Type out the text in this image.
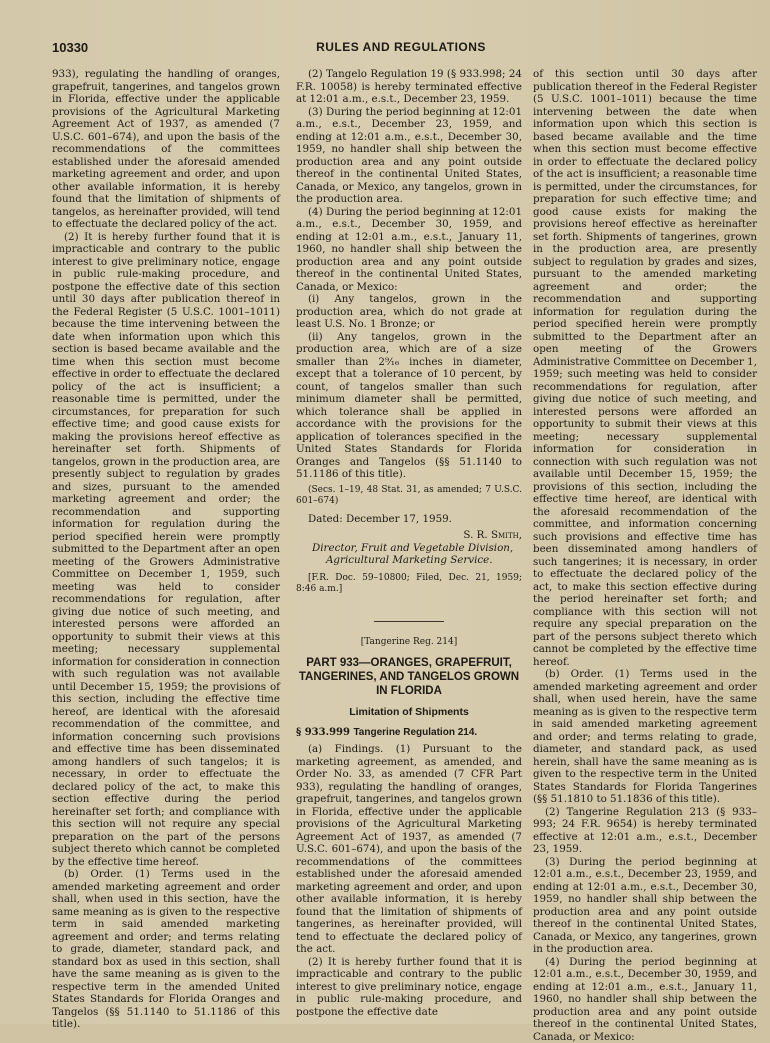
10330	RULES AND REGULATIONS

933), regulating the handling of oranges, grapefruit, tangerines, and tangelos grown in Florida, effective under the applicable provisions of the Agricultural Marketing Agreement Act of 1937, as amended (7 U.S.C. 601–674), and upon the basis of the recommendations of the committees established under the aforesaid amended marketing agreement and order, and upon other available information, it is hereby found that the limitation of shipments of tangelos, as hereinafter provided, will tend to effectuate the declared policy of the act.

(2) It is hereby further found that it is impracticable and contrary to the public interest to give preliminary notice, engage in public rule-making procedure, and postpone the effective date of this section until 30 days after publication thereof in the Federal Register (5 U.S.C. 1001–1011) because the time intervening between the date when information upon which this section is based became available and the time when this section must become effective in order to effectuate the declared policy of the act is insufficient; a reasonable time is permitted, under the circumstances, for preparation for such effective time; and good cause exists for making the provisions hereof effective as hereinafter set forth. Shipments of tangelos, grown in the production area, are presently subject to regulation by grades and sizes, pursuant to the amended marketing agreement and order; the recommendation and supporting information for regulation during the period specified herein were promptly submitted to the Department after an open meeting of the Growers Administrative Committee on December 1, 1959, such meeting was held to consider recommendations for regulation, after giving due notice of such meeting, and interested persons were afforded an opportunity to submit their views at this meeting; necessary supplemental information for consideration in connection with such regulation was not available until December 15, 1959; the provisions of this section, including the effective time hereof, are identical with the aforesaid recommendation of the committee, and information concerning such provisions and effective time has been disseminated among handlers of such tangelos; it is necessary, in order to effectuate the declared policy of the act, to make this section effective during the period hereinafter set forth; and compliance with this section will not require any special preparation on the part of the persons subject thereto which cannot be completed by the effective time hereof.

(b) Order. (1) Terms used in the amended marketing agreement and order shall, when used in this section, have the same meaning as is given to the respective term in said amended marketing agreement and order; and terms relating to grade, diameter, standard pack, and standard box as used in this section, shall have the same meaning as is given to the respective term in the amended United States Standards for Florida Oranges and Tangelos (§§ 51.1140 to 51.1186 of this title).

(2) Tangelo Regulation 19 (§ 933.998; 24 F.R. 10058) is hereby terminated effective at 12:01 a.m., e.s.t., December 23, 1959.

(3) During the period beginning at 12:01 a.m., e.s.t., December 23, 1959, and ending at 12:01 a.m., e.s.t., December 30, 1959, no handler shall ship between the production area and any point outside thereof in the continental United States, Canada, or Mexico, any tangelos, grown in the production area.

(4) During the period beginning at 12:01 a.m., e.s.t., December 30, 1959, and ending at 12:01 a.m., e.s.t., January 11, 1960, no handler shall ship between the production area and any point outside thereof in the continental United States, Canada, or Mexico:

(i) Any tangelos, grown in the production area, which do not grade at least U.S. No. 1 Bronze; or

(ii) Any tangelos, grown in the production area, which are of a size smaller than 2⁹⁄₁₆ inches in diameter, except that a tolerance of 10 percent, by count, of tangelos smaller than such minimum diameter shall be permitted, which tolerance shall be applied in accordance with the provisions for the application of tolerances specified in the United States Standards for Florida Oranges and Tangelos (§§ 51.1140 to 51.1186 of this title).

(Secs. 1–19, 48 Stat. 31, as amended; 7 U.S.C. 601–674)

Dated: December 17, 1959.

S. R. Smith,

Director, Fruit and Vegetable Division, Agricultural Marketing Service.

[F.R. Doc. 59–10800; Filed, Dec. 21, 1959; 8:46 a.m.]

[Tangerine Reg. 214]

PART 933—ORANGES, GRAPEFRUIT, TANGERINES, AND TANGELOS GROWN IN FLORIDA

Limitation of Shipments

§ 933.999 Tangerine Regulation 214.

(a) Findings. (1) Pursuant to the marketing agreement, as amended, and Order No. 33, as amended (7 CFR Part 933), regulating the handling of oranges, grapefruit, tangerines, and tangelos grown in Florida, effective under the applicable provisions of the Agricultural Marketing Agreement Act of 1937, as amended (7 U.S.C. 601–674), and upon the basis of the recommendations of the committees established under the aforesaid amended marketing agreement and order, and upon other available information, it is hereby found that the limitation of shipments of tangerines, as hereinafter provided, will tend to effectuate the declared policy of the act.

(2) It is hereby further found that it is impracticable and contrary to the public interest to give preliminary notice, engage in public rule-making procedure, and postpone the effective date

of this section until 30 days after publication thereof in the Federal Register (5 U.S.C. 1001–1011) because the time intervening between the date when information upon which this section is based became available and the time when this section must become effective in order to effectuate the declared policy of the act is insufficient; a reasonable time is permitted, under the circumstances, for preparation for such effective time; and good cause exists for making the provisions hereof effective as hereinafter set forth. Shipments of tangerines, grown in the production area, are presently subject to regulation by grades and sizes, pursuant to the amended marketing agreement and order; the recommendation and supporting information for regulation during the period specified herein were promptly submitted to the Department after an open meeting of the Growers Administrative Committee on December 1, 1959; such meeting was held to consider recommendations for regulation, after giving due notice of such meeting, and interested persons were afforded an opportunity to submit their views at this meeting; necessary supplemental information for consideration in connection with such regulation was not available until December 15, 1959; the provisions of this section, including the effective time hereof, are identical with the aforesaid recommendation of the committee, and information concerning such provisions and effective time has been disseminated among handlers of such tangerines; it is necessary, in order to effectuate the declared policy of the act, to make this section effective during the period hereinafter set forth; and compliance with this section will not require any special preparation on the part of the persons subject thereto which cannot be completed by the effective time hereof.

(b) Order. (1) Terms used in the amended marketing agreement and order shall, when used herein, have the same meaning as is given to the respective term in said amended marketing agreement and order; and terms relating to grade, diameter, and standard pack, as used herein, shall have the same meaning as is given to the respective term in the United States Standards for Florida Tangerines (§§ 51.1810 to 51.1836 of this title).

(2) Tangerine Regulation 213 (§ 933–993; 24 F.R. 9654) is hereby terminated effective at 12:01 a.m., e.s.t., December 23, 1959.

(3) During the period beginning at 12:01 a.m., e.s.t., December 23, 1959, and ending at 12:01 a.m., e.s.t., December 30, 1959, no handler shall ship between the production area and any point outside thereof in the continental United States, Canada, or Mexico, any tangerines, grown in the production area.

(4) During the period beginning at 12:01 a.m., e.s.t., December 30, 1959, and ending at 12:01 a.m., e.s.t., January 11, 1960, no handler shall ship between the production area and any point outside thereof in the continental United States, Canada, or Mexico:
